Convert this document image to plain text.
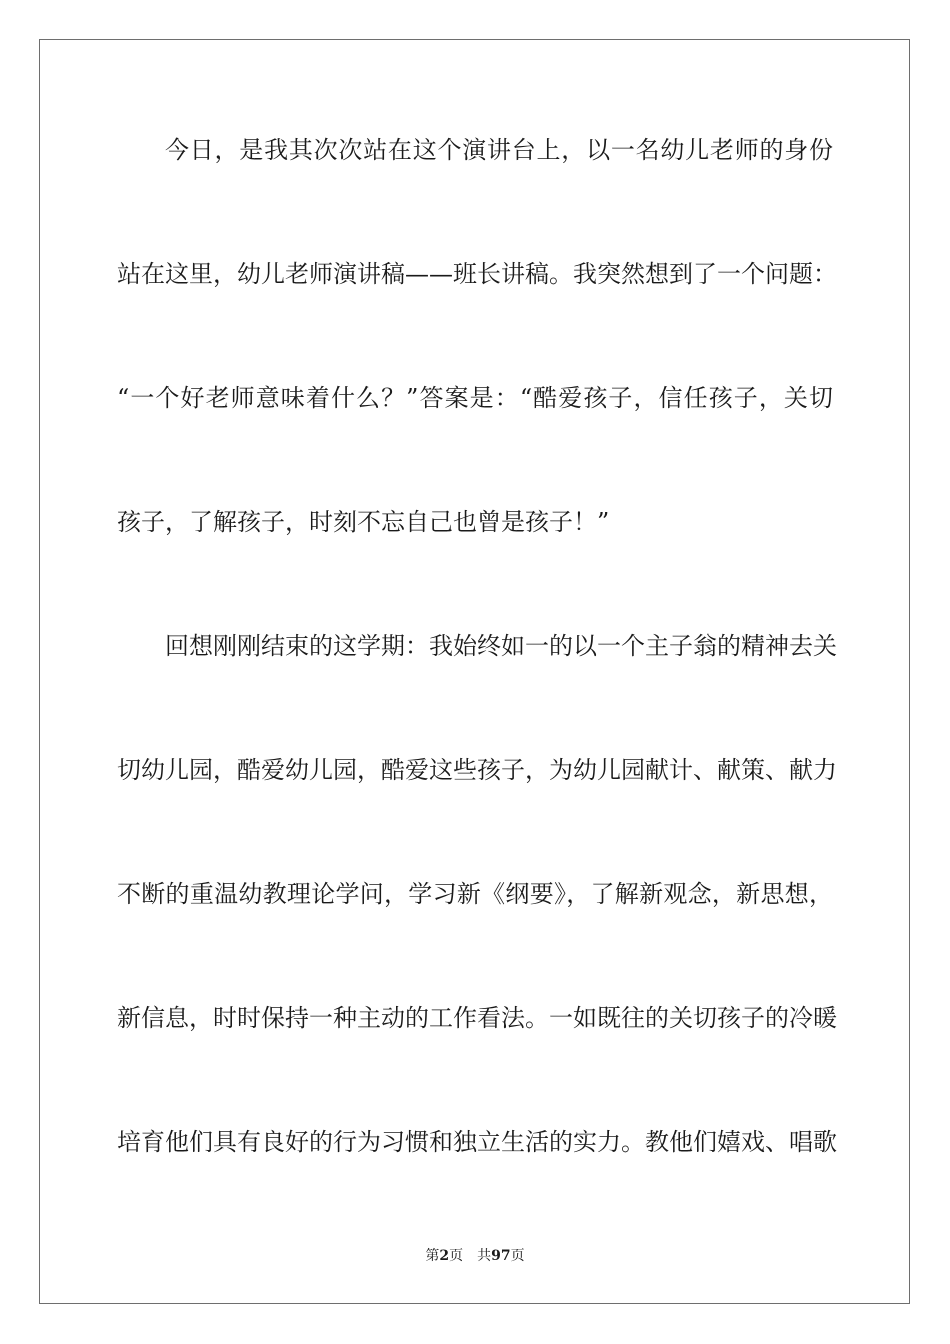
今日，是我其次次站在这个演讲台上，以一名幼儿老师的身份
站在这里，幼儿老师演讲稿——班长讲稿。我突然想到了一个问题：
“一个好老师意味着什么？”答案是：“酷爱孩子，信任孩子，关切
孩子，了解孩子，时刻不忘自己也曾是孩子！”
回想刚刚结束的这学期：我始终如一的以一个主子翁的精神去关
切幼儿园，酷爱幼儿园，酷爱这些孩子，为幼儿园献计、献策、献力
不断的重温幼教理论学问，学习新《纲要》，了解新观念，新思想，
新信息，时时保持一种主动的工作看法。一如既往的关切孩子的冷暖
培育他们具有良好的行为习惯和独立生活的实力。教他们嬉戏、唱歌
第2页 共97页
